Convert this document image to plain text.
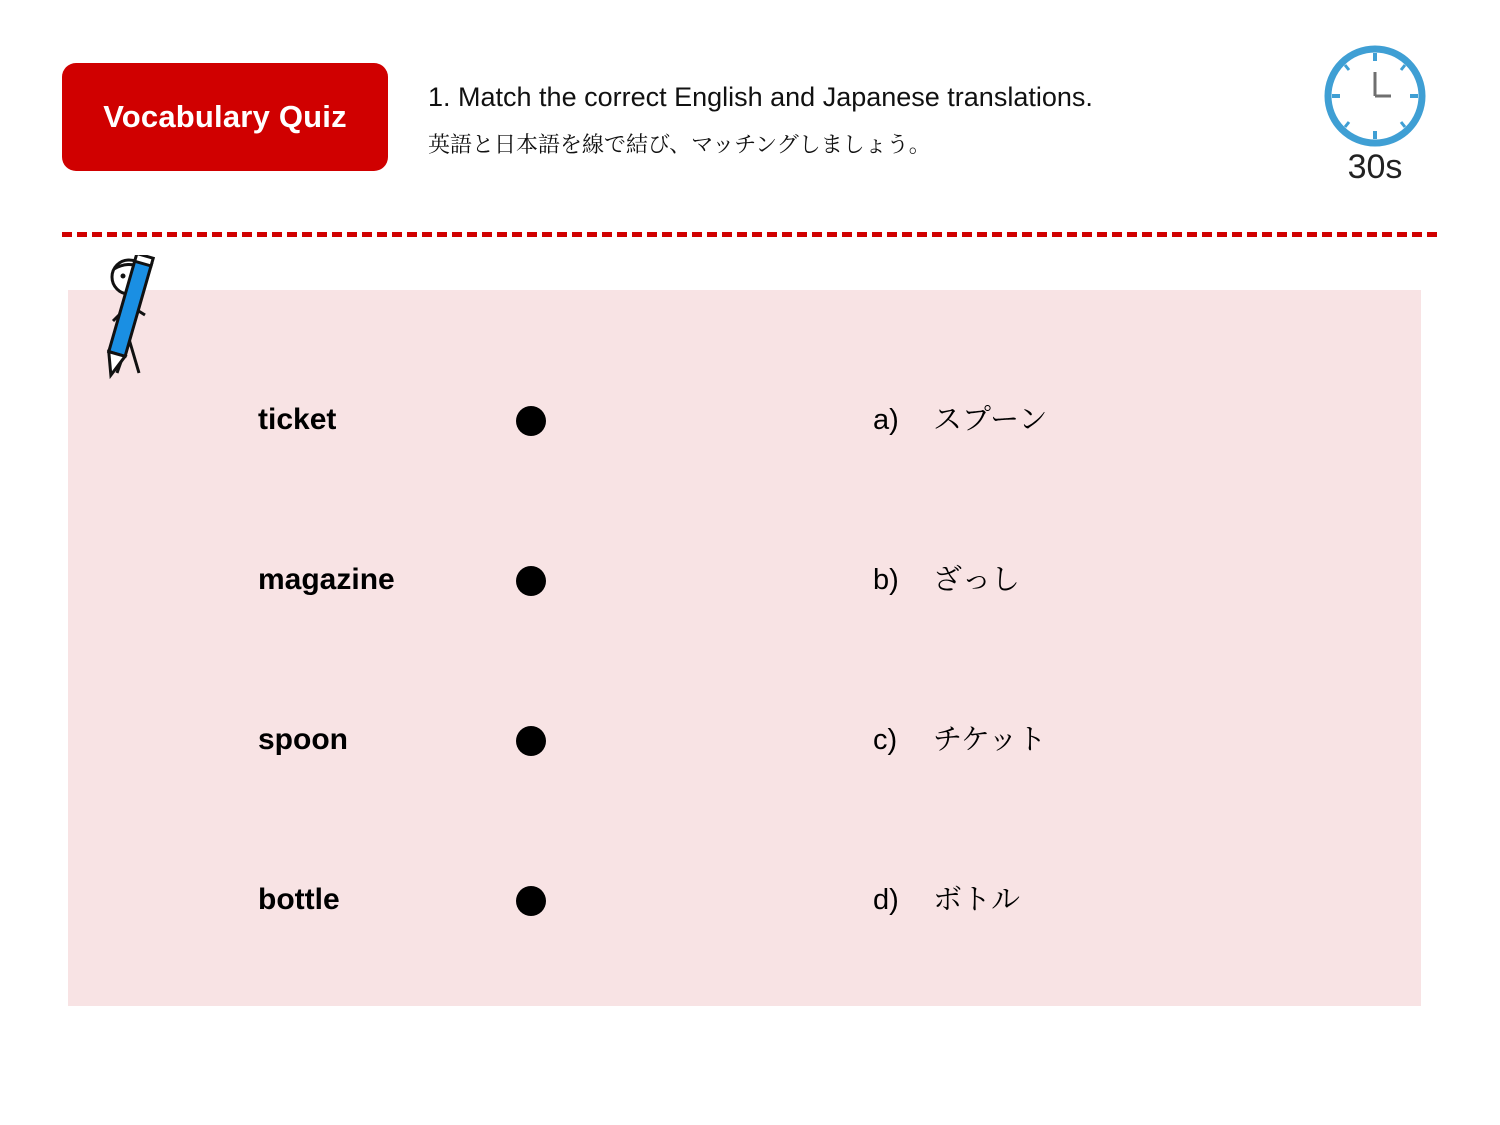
Vocabulary Quiz
1. Match the correct English and Japanese translations.
英語と日本語を線で結び、マッチングしましょう。
30s
ticket	a) スプーン
magazine	b) ざっし
spoon	c) チケット
bottle	d) ボトル
